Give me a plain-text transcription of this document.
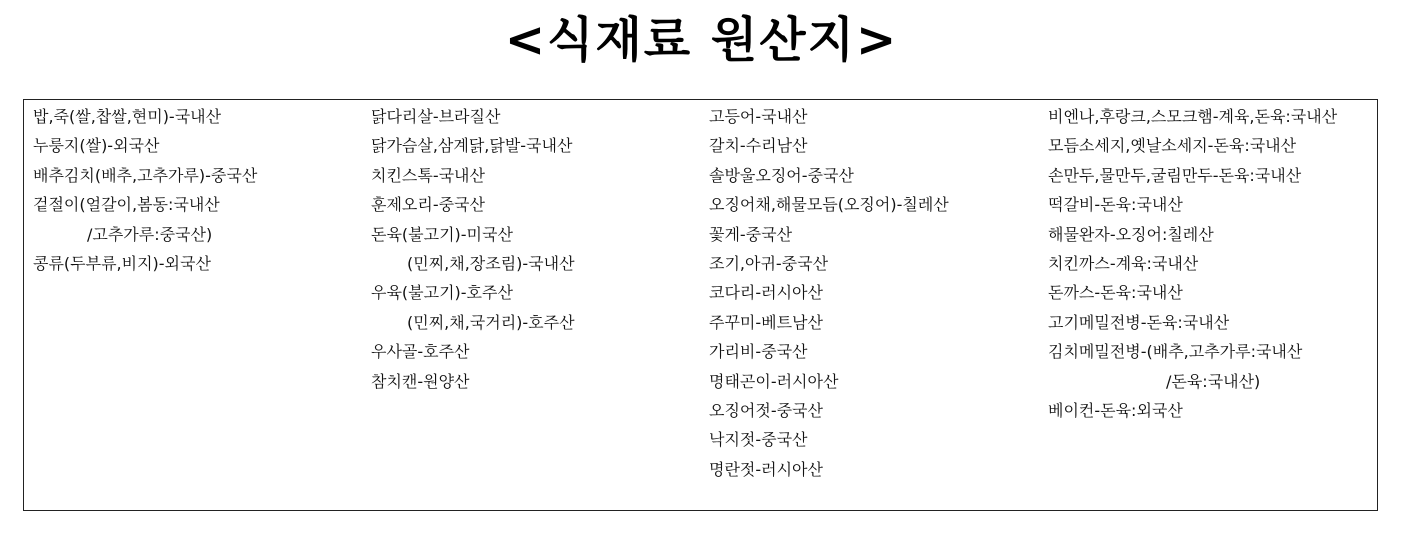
<식재료 원산지>
밥,죽(쌀,찹쌀,현미)-국내산
누룽지(쌀)-외국산
배추김치(배추,고추가루)-중국산
겉절이(얼갈이,봄동:국내산
/고추가루:중국산)
콩류(두부류,비지)-외국산
닭다리살-브라질산
닭가슴살,삼계닭,닭발-국내산
치킨스톡-국내산
훈제오리-중국산
돈육(불고기)-미국산
(민찌,채,장조림)-국내산
우육(불고기)-호주산
(민찌,채,국거리)-호주산
우사골-호주산
참치캔-원양산
고등어-국내산
갈치-수리남산
솔방울오징어-중국산
오징어채,해물모듬(오징어)-칠레산
꽃게-중국산
조기,아귀-중국산
코다리-러시아산
주꾸미-베트남산
가리비-중국산
명태곤이-러시아산
오징어젓-중국산
낙지젓-중국산
명란젓-러시아산
비엔나,후랑크,스모크햄-계육,돈육:국내산
모듬소세지,옛날소세지-돈육:국내산
손만두,물만두,굴림만두-돈육:국내산
떡갈비-돈육:국내산
해물완자-오징어:칠레산
치킨까스-계육:국내산
돈까스-돈육:국내산
고기메밀전병-돈육:국내산
김치메밀전병-(배추,고추가루:국내산
/돈육:국내산)
베이컨-돈육:외국산
